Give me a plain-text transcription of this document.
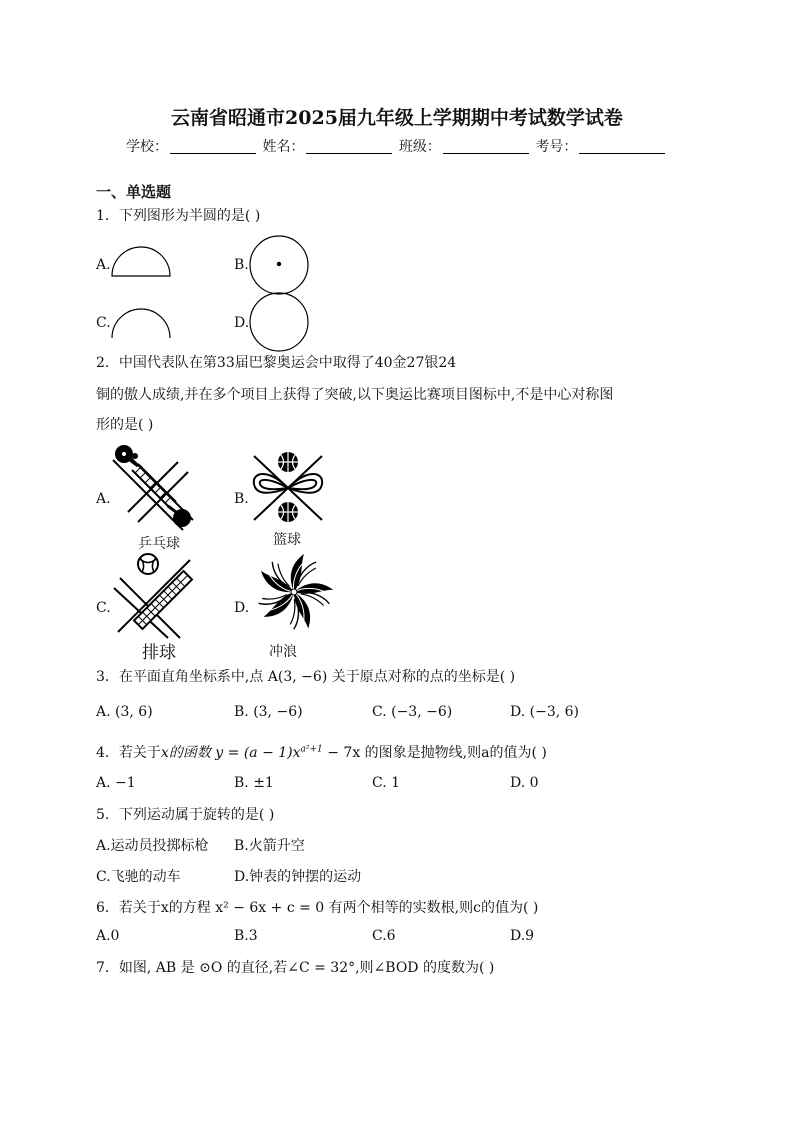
云南省昭通市2025届九年级上学期期中考试数学试卷
学校：	姓名：	班级：	考号：
一、单选题
1．下列图形为半圆的是( )
A.	B.
C.	D.
2．中国代表队在第33届巴黎奥运会中取得了40金27银24
铜的傲人成绩,并在多个项目上获得了突破,以下奥运比赛项目图标中,不是中心对称图
形的是( )
A.
乒乓球
B.
篮球
C.
排球
D.
冲浪
3．在平面直角坐标系中,点 A(3, −6) 关于原点对称的点的坐标是( )
A. (3, 6)	B. (3, −6)	C. (−3, −6)	D. (−3, 6)
4．若关于x的函数 $y = (a - 1)x^{a^2+1} - 7x$ 的图象是抛物线,则a的值为( )
A. −1	B. ±1	C. 1	D. 0
5．下列运动属于旋转的是( )
A.运动员投掷标枪 B.火箭升空
C.飞驰的动车	D.钟表的钟摆的运动
6．若关于x的方程 x² − 6x + c = 0 有两个相等的实数根,则c的值为( )
A.0	B.3	C.6	D.9
7．如图, AB 是 ⊙O 的直径,若∠C = 32°,则∠BOD 的度数为( )
